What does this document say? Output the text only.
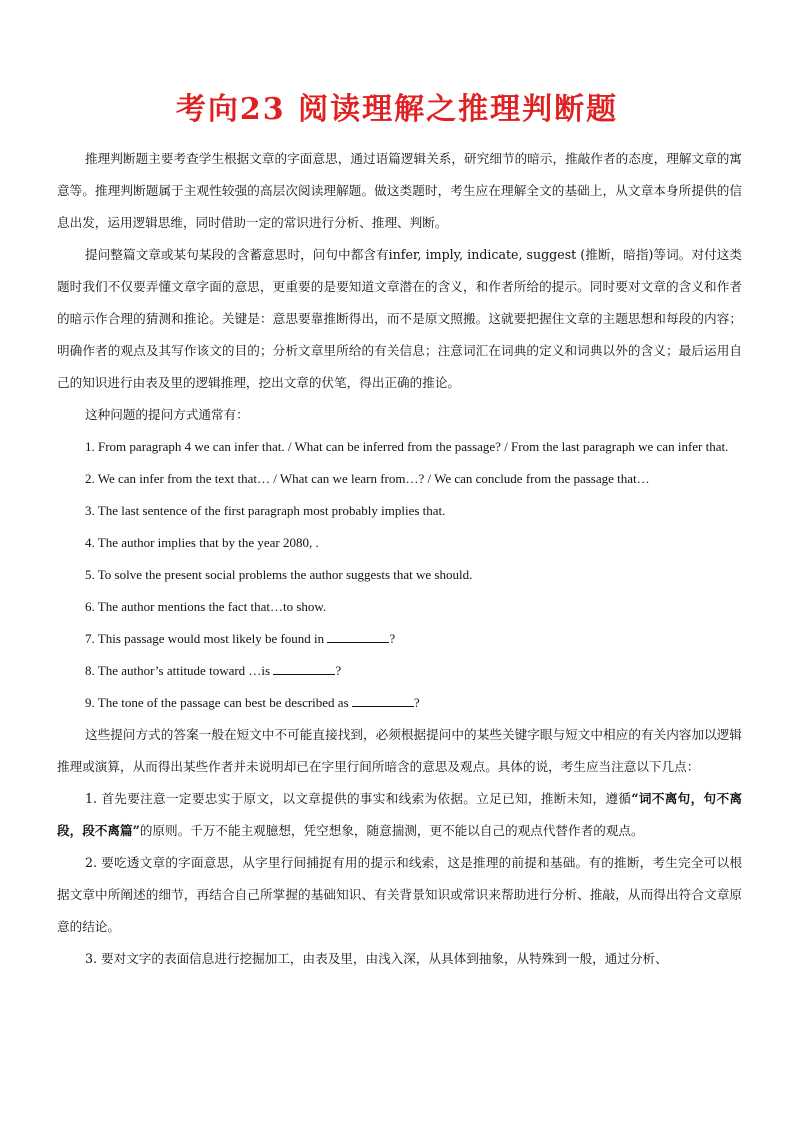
考向23 阅读理解之推理判断题

推理判断题主要考查学生根据文章的字面意思，通过语篇逻辑关系，研究细节的暗示，推敲作者的态度，理解文章的寓意等。推理判断题属于主观性较强的高层次阅读理解题。做这类题时，考生应在理解全文的基础上，从文章本身所提供的信息出发，运用逻辑思维，同时借助一定的常识进行分析、推理、判断。

提问整篇文章或某句某段的含蓄意思时，问句中都含有infer, imply, indicate, suggest (推断，暗指)等词。对付这类题时我们不仅要弄懂文章字面的意思，更重要的是要知道文章潜在的含义，和作者所给的提示。同时要对文章的含义和作者的暗示作合理的猜测和推论。关键是：意思要靠推断得出，而不是原文照搬。这就要把握住文章的主题思想和每段的内容；明确作者的观点及其写作该文的目的；分析文章里所给的有关信息；注意词汇在词典的定义和词典以外的含义；最后运用自己的知识进行由表及里的逻辑推理，挖出文章的伏笔，得出正确的推论。

这种问题的提问方式通常有：

1. From paragraph 4 we can infer that. / What can be inferred from the passage? / From the last paragraph we can infer that.

2. We can infer from the text that… / What can we learn from…? / We can conclude from the passage that…

3. The last sentence of the first paragraph most probably implies that.

4. The author implies that by the year 2080, .

5. To solve the present social problems the author suggests that we should.

6. The author mentions the fact that…to show.

7. This passage would most likely be found in	?

8. The author’s attitude toward …is	?

9. The tone of the passage can best be described as	?

这些提问方式的答案一般在短文中不可能直接找到，必须根据提问中的某些关键字眼与短文中相应的有关内容加以逻辑推理或演算，从而得出某些作者并未说明却已在字里行间所暗含的意思及观点。具体的说，考生应当注意以下几点：

1. 首先要注意一定要忠实于原文，以文章提供的事实和线索为依据。立足已知，推断未知，遵循“词不离句，句不离段，段不离篇”的原则。千万不能主观臆想，凭空想象，随意揣测，更不能以自己的观点代替作者的观点。

2. 要吃透文章的字面意思，从字里行间捕捉有用的提示和线索，这是推理的前提和基础。有的推断，考生完全可以根据文章中所阐述的细节，再结合自己所掌握的基础知识、有关背景知识或常识来帮助进行分析、推敲，从而得出符合文章原意的结论。

3. 要对文字的表面信息进行挖掘加工，由表及里，由浅入深，从具体到抽象，从特殊到一般，通过分析、
